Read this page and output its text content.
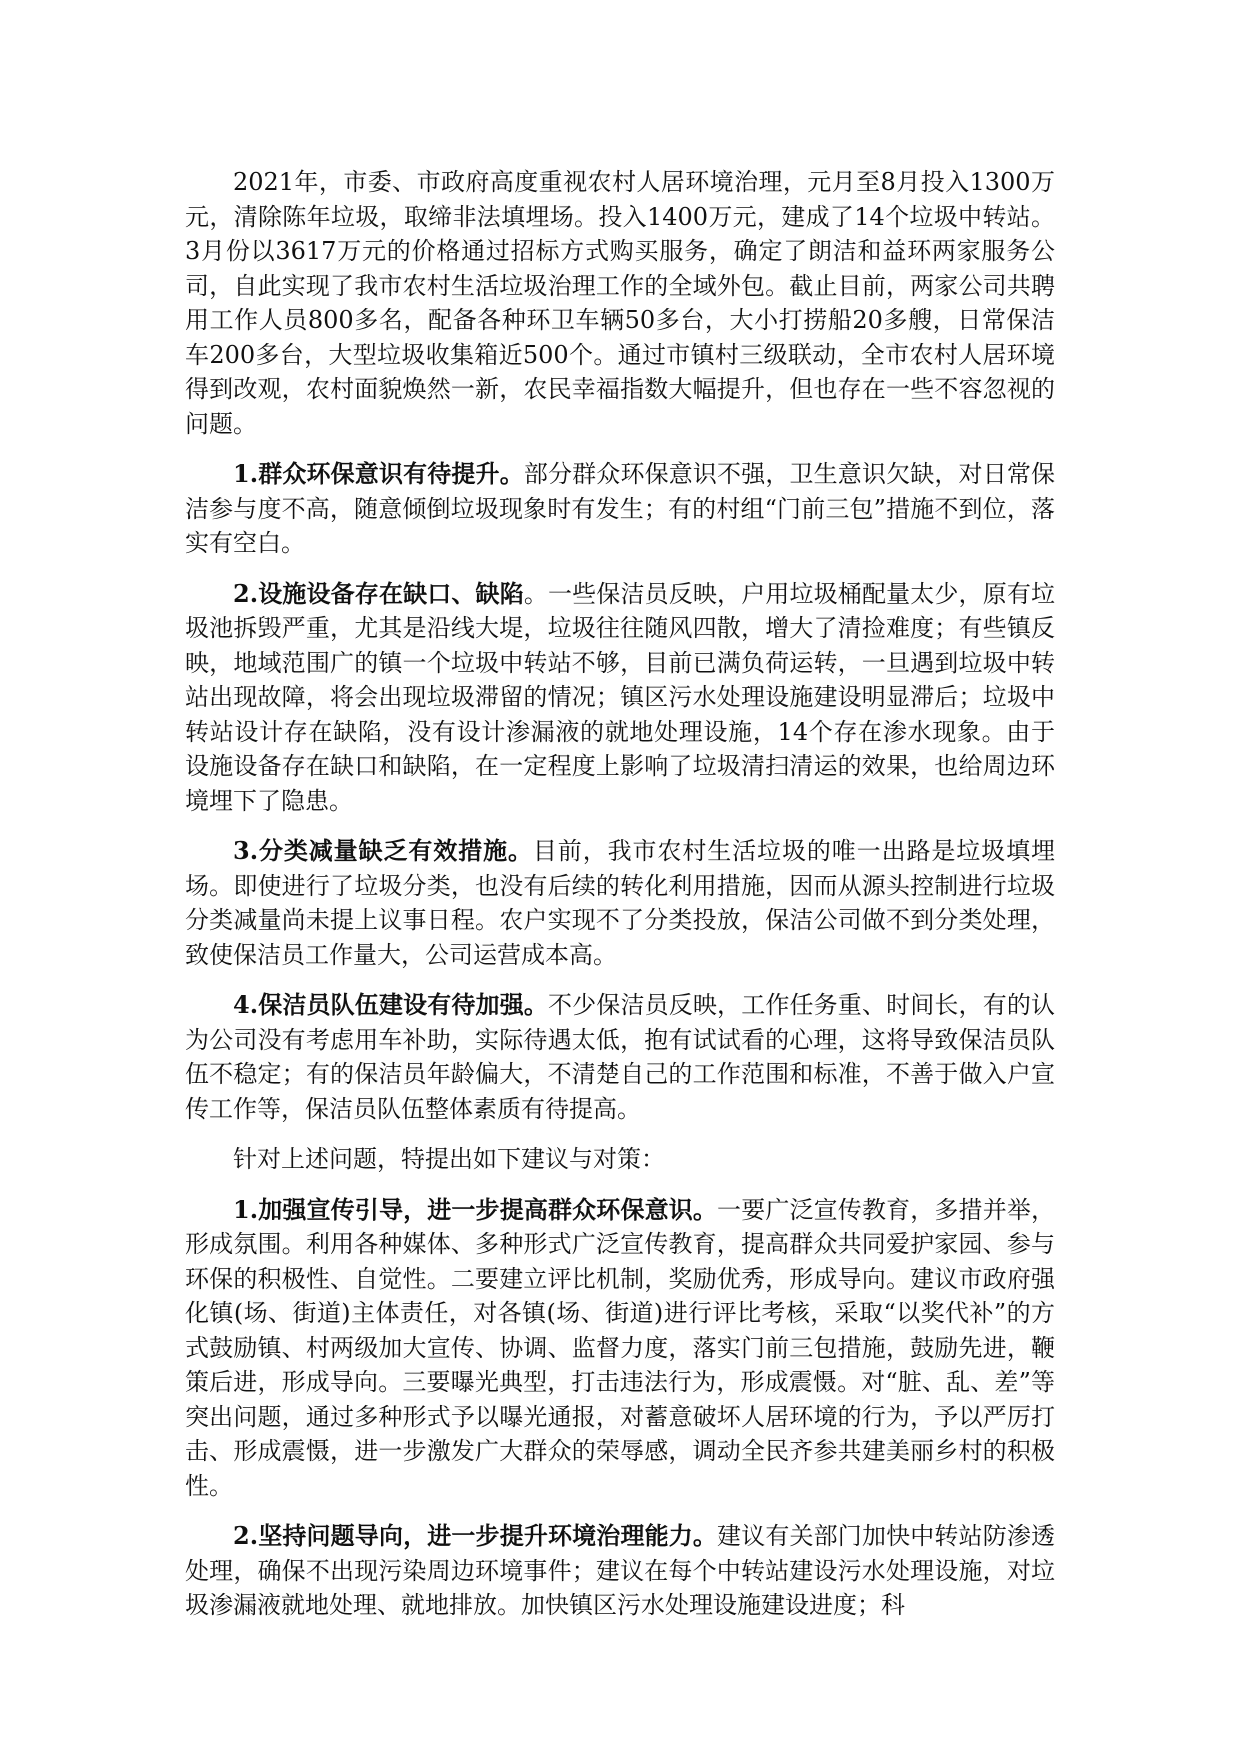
2021年，市委、市政府高度重视农村人居环境治理，元月至8月投入1300万元，清除陈年垃圾，取缔非法填埋场。投入1400万元，建成了14个垃圾中转站。3月份以3617万元的价格通过招标方式购买服务，确定了朗洁和益环两家服务公司，自此实现了我市农村生活垃圾治理工作的全域外包。截止目前，两家公司共聘用工作人员800多名，配备各种环卫车辆50多台，大小打捞船20多艘，日常保洁车200多台，大型垃圾收集箱近500个。通过市镇村三级联动，全市农村人居环境得到改观，农村面貌焕然一新，农民幸福指数大幅提升，但也存在一些不容忽视的问题。

1.群众环保意识有待提升。部分群众环保意识不强，卫生意识欠缺，对日常保洁参与度不高，随意倾倒垃圾现象时有发生；有的村组“门前三包”措施不到位，落实有空白。

2.设施设备存在缺口、缺陷。一些保洁员反映，户用垃圾桶配量太少，原有垃圾池拆毁严重，尤其是沿线大堤，垃圾往往随风四散，增大了清捡难度；有些镇反映，地域范围广的镇一个垃圾中转站不够，目前已满负荷运转，一旦遇到垃圾中转站出现故障，将会出现垃圾滞留的情况；镇区污水处理设施建设明显滞后；垃圾中转站设计存在缺陷，没有设计渗漏液的就地处理设施，14个存在渗水现象。由于设施设备存在缺口和缺陷，在一定程度上影响了垃圾清扫清运的效果，也给周边环境埋下了隐患。

3.分类减量缺乏有效措施。目前，我市农村生活垃圾的唯一出路是垃圾填埋场。即使进行了垃圾分类，也没有后续的转化利用措施，因而从源头控制进行垃圾分类减量尚未提上议事日程。农户实现不了分类投放，保洁公司做不到分类处理，致使保洁员工作量大，公司运营成本高。

4.保洁员队伍建设有待加强。不少保洁员反映，工作任务重、时间长，有的认为公司没有考虑用车补助，实际待遇太低，抱有试试看的心理，这将导致保洁员队伍不稳定；有的保洁员年龄偏大，不清楚自己的工作范围和标准，不善于做入户宣传工作等，保洁员队伍整体素质有待提高。

针对上述问题，特提出如下建议与对策：

1.加强宣传引导，进一步提高群众环保意识。一要广泛宣传教育，多措并举，形成氛围。利用各种媒体、多种形式广泛宣传教育，提高群众共同爱护家园、参与环保的积极性、自觉性。二要建立评比机制，奖励优秀，形成导向。建议市政府强化镇(场、街道)主体责任，对各镇(场、街道)进行评比考核，采取“以奖代补”的方式鼓励镇、村两级加大宣传、协调、监督力度，落实门前三包措施，鼓励先进，鞭策后进，形成导向。三要曝光典型，打击违法行为，形成震慑。对“脏、乱、差”等突出问题，通过多种形式予以曝光通报，对蓄意破坏人居环境的行为，予以严厉打击、形成震慑，进一步激发广大群众的荣辱感，调动全民齐参共建美丽乡村的积极性。

2.坚持问题导向，进一步提升环境治理能力。建议有关部门加快中转站防渗透处理，确保不出现污染周边环境事件；建议在每个中转站建设污水处理设施，对垃圾渗漏液就地处理、就地排放。加快镇区污水处理设施建设进度；科
